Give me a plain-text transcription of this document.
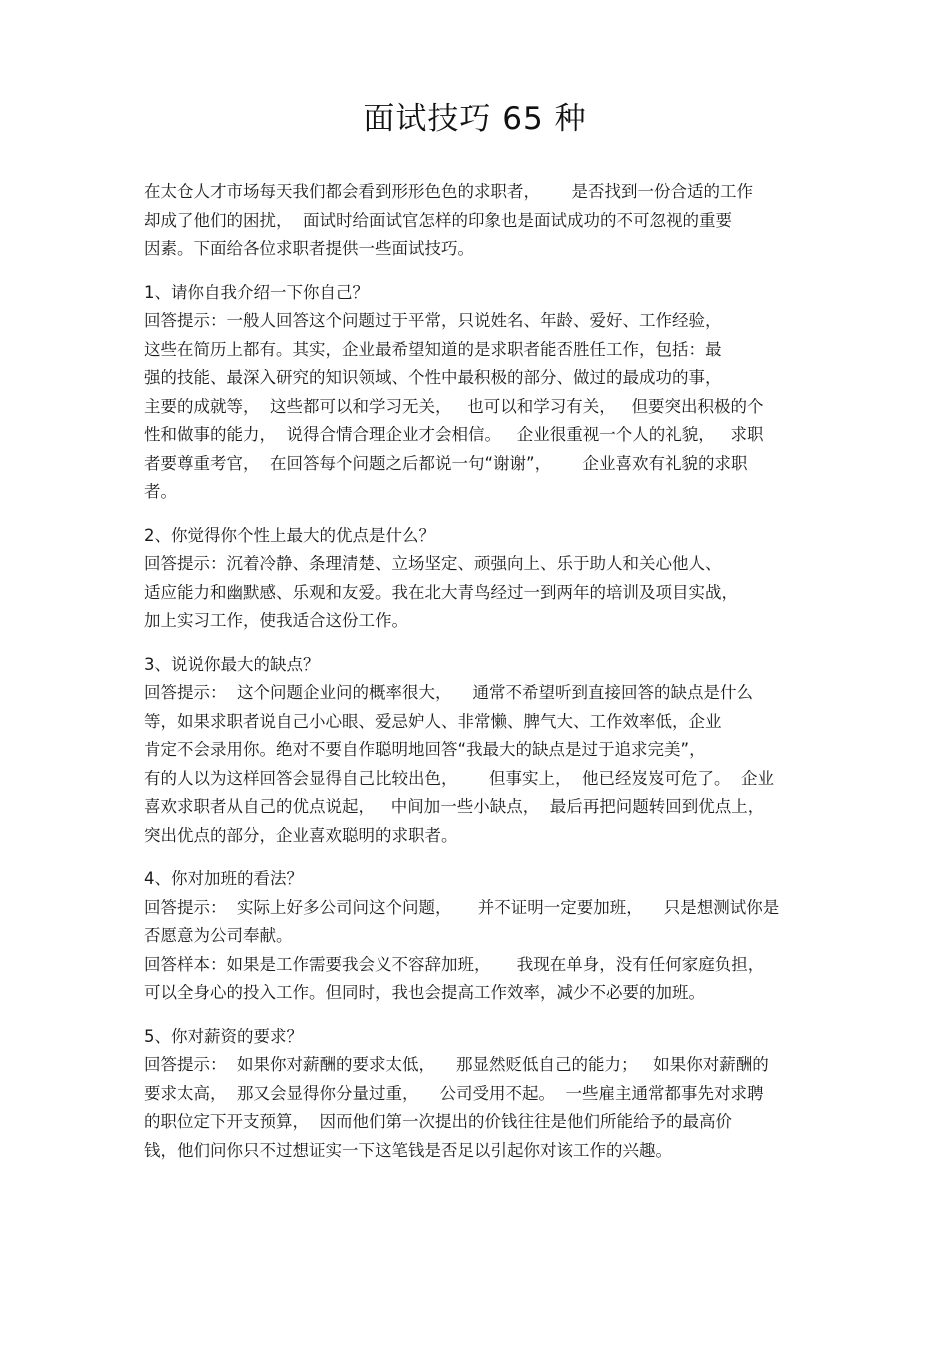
面试技巧 65 种
在太仓人才市场每天我们都会看到形形色色的求职者，      是否找到一份合适的工作
却成了他们的困扰，  面试时给面试官怎样的印象也是面试成功的不可忽视的重要
因素。下面给各位求职者提供一些面试技巧。
1、请你自我介绍一下你自己？
回答提示：一般人回答这个问题过于平常，只说姓名、年龄、爱好、工作经验，
这些在简历上都有。其实，企业最希望知道的是求职者能否胜任工作，包括：最
强的技能、最深入研究的知识领域、个性中最积极的部分、做过的最成功的事，
主要的成就等，  这些都可以和学习无关，   也可以和学习有关，   但要突出积极的个
性和做事的能力，  说得合情合理企业才会相信。   企业很重视一个人的礼貌，   求职
者要尊重考官，  在回答每个问题之后都说一句“谢谢”，      企业喜欢有礼貌的求职
者。
2、你觉得你个性上最大的优点是什么？
回答提示：沉着冷静、条理清楚、立场坚定、顽强向上、乐于助人和关心他人、
适应能力和幽默感、乐观和友爱。我在北大青鸟经过一到两年的培训及项目实战，
加上实习工作，使我适合这份工作。
3、说说你最大的缺点？
回答提示：  这个问题企业问的概率很大，    通常不希望听到直接回答的缺点是什么
等，如果求职者说自己小心眼、爱忌妒人、非常懒、脾气大、工作效率低，企业
肯定不会录用你。绝对不要自作聪明地回答“我最大的缺点是过于追求完美”，
有的人以为这样回答会显得自己比较出色，      但事实上，  他已经岌岌可危了。  企业
喜欢求职者从自己的优点说起，   中间加一些小缺点，  最后再把问题转回到优点上，
突出优点的部分，企业喜欢聪明的求职者。
4、你对加班的看法？
回答提示：  实际上好多公司问这个问题，     并不证明一定要加班，    只是想测试你是
否愿意为公司奉献。
回答样本：如果是工作需要我会义不容辞加班，     我现在单身，没有任何家庭负担，
可以全身心的投入工作。但同时，我也会提高工作效率，减少不必要的加班。
5、你对薪资的要求？
回答提示：  如果你对薪酬的要求太低，    那显然贬低自己的能力；   如果你对薪酬的
要求太高，  那又会显得你分量过重，    公司受用不起。  一些雇主通常都事先对求聘
的职位定下开支预算，  因而他们第一次提出的价钱往往是他们所能给予的最高价
钱，他们问你只不过想证实一下这笔钱是否足以引起你对该工作的兴趣。
